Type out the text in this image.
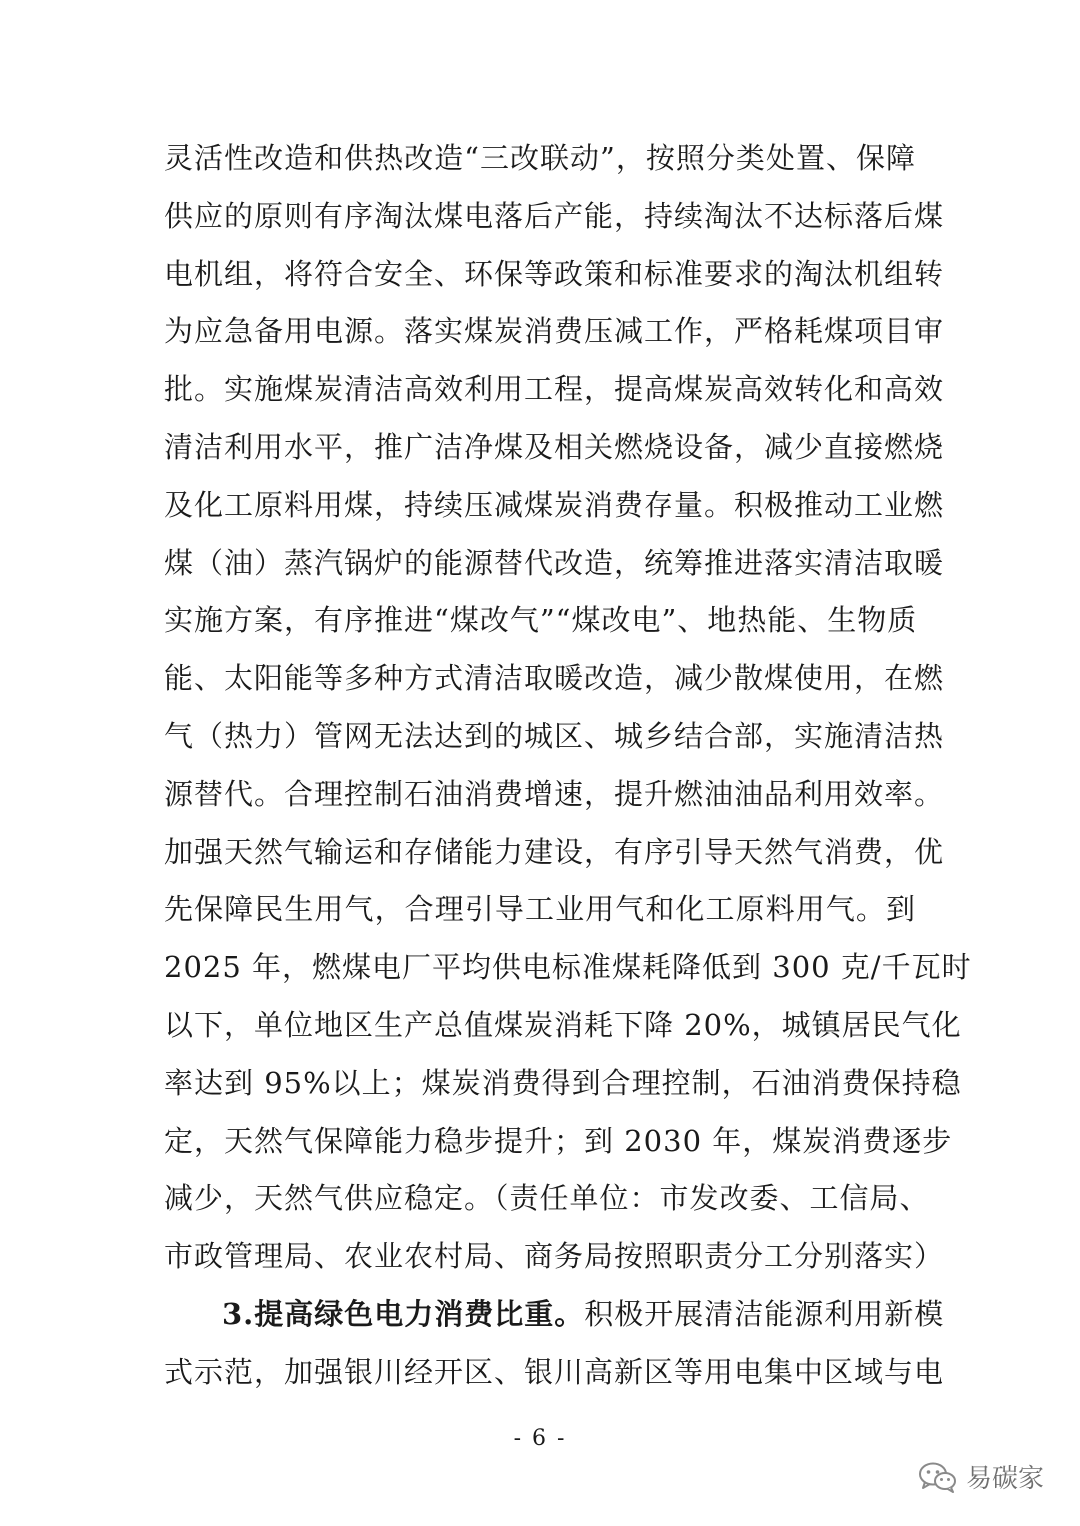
灵活性改造和供热改造“三改联动”，按照分类处置、保障
供应的原则有序淘汰煤电落后产能，持续淘汰不达标落后煤
电机组，将符合安全、环保等政策和标准要求的淘汰机组转
为应急备用电源。落实煤炭消费压减工作，严格耗煤项目审
批。实施煤炭清洁高效利用工程，提高煤炭高效转化和高效
清洁利用水平，推广洁净煤及相关燃烧设备，减少直接燃烧
及化工原料用煤，持续压减煤炭消费存量。积极推动工业燃
煤（油）蒸汽锅炉的能源替代改造，统筹推进落实清洁取暖
实施方案，有序推进“煤改气”“煤改电”、地热能、生物质
能、太阳能等多种方式清洁取暖改造，减少散煤使用，在燃
气（热力）管网无法达到的城区、城乡结合部，实施清洁热
源替代。合理控制石油消费增速，提升燃油油品利用效率。
加强天然气输运和存储能力建设，有序引导天然气消费，优
先保障民生用气，合理引导工业用气和化工原料用气。到
2025 年，燃煤电厂平均供电标准煤耗降低到 300 克/千瓦时
以下，单位地区生产总值煤炭消耗下降 20%，城镇居民气化
率达到 95%以上；煤炭消费得到合理控制，石油消费保持稳
定，天然气保障能力稳步提升；到 2030 年，煤炭消费逐步
减少，天然气供应稳定。（责任单位：市发改委、工信局、
市政管理局、农业农村局、商务局按照职责分工分别落实）
3.提高绿色电力消费比重。积极开展清洁能源利用新模
式示范，加强银川经开区、银川高新区等用电集中区域与电
- 6 -
易碳家
